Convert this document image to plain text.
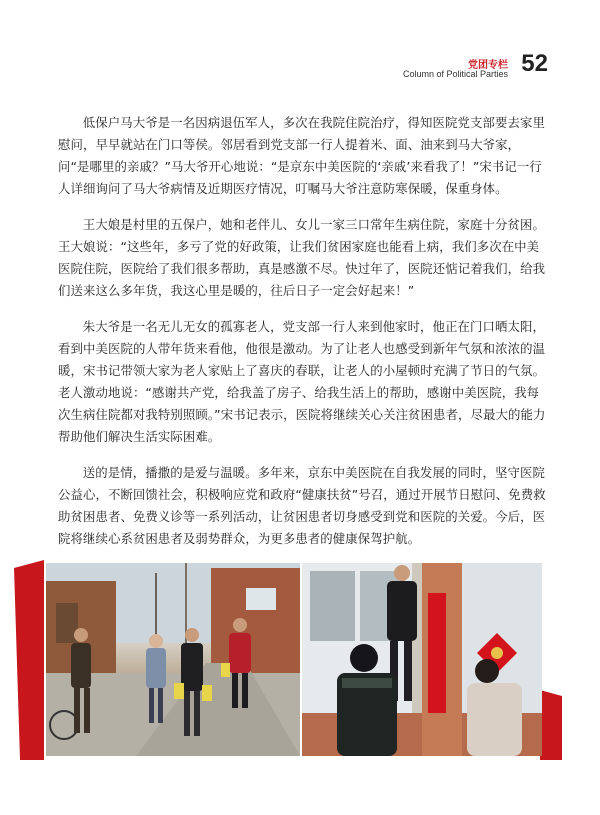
党团专栏
Column of Political Parties 52

低保户马大爷是一名因病退伍军人，多次在我院住院治疗，得知医院党支部要去家里慰问，早早就站在门口等侯。邻居看到党支部一行人提着米、面、油来到马大爷家，问“是哪里的亲戚？”马大爷开心地说：“是京东中美医院的‘亲戚’来看我了！”宋书记一行人详细询问了马大爷病情及近期医疗情况，叮嘱马大爷注意防寒保暖，保重身体。

王大娘是村里的五保户，她和老伴儿、女儿一家三口常年生病住院，家庭十分贫困。王大娘说：“这些年，多亏了党的好政策，让我们贫困家庭也能看上病，我们多次在中美医院住院，医院给了我们很多帮助，真是感激不尽。快过年了，医院还惦记着我们，给我们送来这么多年货，我这心里是暖的，往后日子一定会好起来！”

朱大爷是一名无儿无女的孤寡老人，党支部一行人来到他家时，他正在门口晒太阳，看到中美医院的人带年货来看他，他很是激动。为了让老人也感受到新年气氛和浓浓的温暖，宋书记带领大家为老人家贴上了喜庆的春联，让老人的小屋顿时充满了节日的气氛。老人激动地说：“感谢共产党，给我盖了房子、给我生活上的帮助，感谢中美医院，我每次生病住院都对我特别照顾。”宋书记表示，医院将继续关心关注贫困患者，尽最大的能力帮助他们解决生活实际困难。

送的是情，播撒的是爱与温暖。多年来，京东中美医院在自我发展的同时，坚守医院公益心，不断回馈社会，积极响应党和政府“健康扶贫”号召，通过开展节日慰问、免费救助贫困患者、免费义诊等一系列活动，让贫困患者切身感受到党和医院的关爱。今后，医院将继续心系贫困患者及弱势群众，为更多患者的健康保驾护航。
